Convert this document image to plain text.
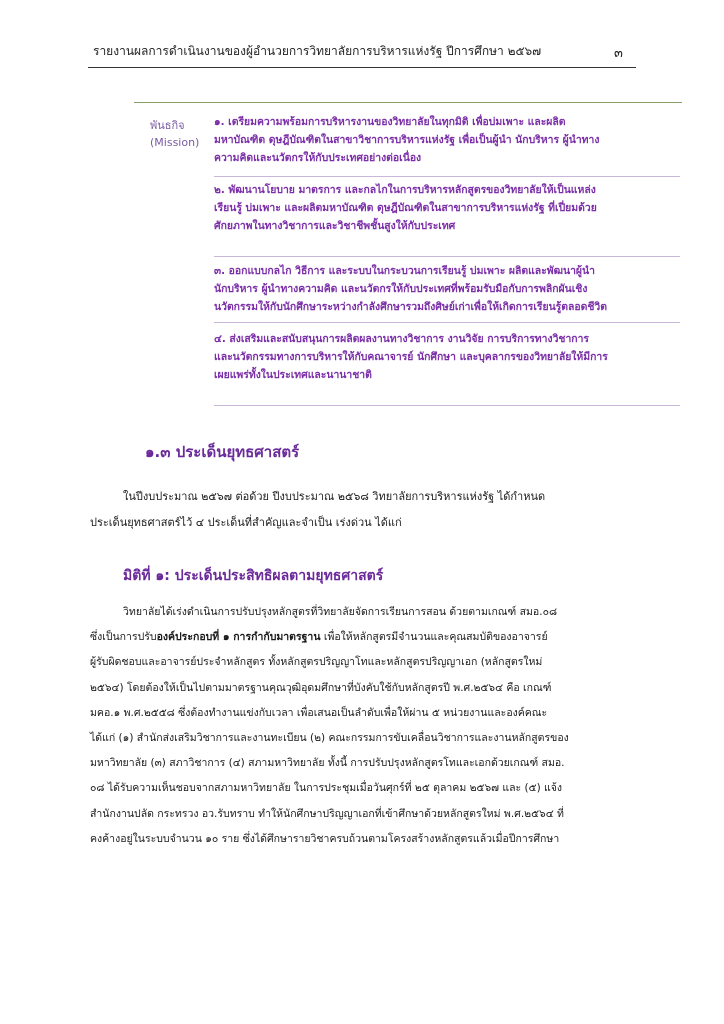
รายงานผลการดำเนินงานของผู้อำนวยการวิทยาลัยการบริหารแห่งรัฐ ปีการศึกษา ๒๕๖๗	๓
พันธกิจ
(Mission)

๑. เตรียมความพร้อมการบริหารงานของวิทยาลัยในทุกมิติ เพื่อบ่มเพาะ และผลิต

มหาบัณฑิต ดุษฎีบัณฑิตในสาขาวิชาการบริหารแห่งรัฐ เพื่อเป็นผู้นำ นักบริหาร ผู้นำทาง

ความคิดและนวัตกรให้กับประเทศอย่างต่อเนื่อง

๒. พัฒนานโยบาย มาตรการ และกลไกในการบริหารหลักสูตรของวิทยาลัยให้เป็นแหล่ง

เรียนรู้ บ่มเพาะ และผลิตมหาบัณฑิต ดุษฎีบัณฑิตในสาขาการบริหารแห่งรัฐ ที่เปี่ยมด้วย

ศักยภาพในทางวิชาการและวิชาชีพชั้นสูงให้กับประเทศ

๓. ออกแบบกลไก วิธีการ และระบบในกระบวนการเรียนรู้ บ่มเพาะ ผลิตและพัฒนาผู้นำ

นักบริหาร ผู้นำทางความคิด และนวัตกรให้กับประเทศที่พร้อมรับมือกับการพลิกผันเชิง

นวัตกรรมให้กับนักศึกษาระหว่างกำลังศึกษารวมถึงศิษย์เก่าเพื่อให้เกิดการเรียนรู้ตลอดชีวิต

๔. ส่งเสริมและสนับสนุนการผลิตผลงานทางวิชาการ งานวิจัย การบริการทางวิชาการ

และนวัตกรรมทางการบริหารให้กับคณาจารย์ นักศึกษา และบุคลากรของวิทยาลัยให้มีการ

เผยแพร่ทั้งในประเทศและนานาชาติ

๑.๓ ประเด็นยุทธศาสตร์
ในปีงบประมาณ ๒๕๖๗ ต่อด้วย ปีงบประมาณ ๒๕๖๘ วิทยาลัยการบริหารแห่งรัฐ ได้กำหนด
ประเด็นยุทธศาสตร์ไว้ ๔ ประเด็นที่สำคัญและจำเป็น เร่งด่วน ได้แก่
มิติที่ ๑: ประเด็นประสิทธิผลตามยุทธศาสตร์
วิทยาลัยได้เร่งดำเนินการปรับปรุงหลักสูตรที่วิทยาลัยจัดการเรียนการสอน ด้วยตามเกณฑ์ สมอ.๐๘
ซึ่งเป็นการปรับองค์ประกอบที่ ๑ การกำกับมาตรฐาน เพื่อให้หลักสูตรมีจำนวนและคุณสมบัติของอาจารย์
ผู้รับผิดชอบและอาจารย์ประจำหลักสูตร ทั้งหลักสูตรปริญญาโทและหลักสูตรปริญญาเอก (หลักสูตรใหม่
๒๕๖๔) โดยต้องให้เป็นไปตามมาตรฐานคุณวุฒิอุดมศึกษาที่บังคับใช้กับหลักสูตรปี พ.ศ.๒๕๖๔ คือ เกณฑ์
มคอ.๑ พ.ศ.๒๕๕๘ ซึ่งต้องทำงานแข่งกับเวลา เพื่อเสนอเป็นลำดับเพื่อให้ผ่าน ๕ หน่วยงานและองค์คณะ
ได้แก่ (๑) สำนักส่งเสริมวิชาการและงานทะเบียน (๒) คณะกรรมการขับเคลื่อนวิชาการและงานหลักสูตรของ
มหาวิทยาลัย (๓) สภาวิชาการ (๔) สภามหาวิทยาลัย ทั้งนี้ การปรับปรุงหลักสูตรโทและเอกด้วยเกณฑ์ สมอ.
๐๘ ได้รับความเห็นชอบจากสภามหาวิทยาลัย ในการประชุมเมื่อวันศุกร์ที่ ๒๕ ตุลาคม ๒๕๖๗ และ (๕) แจ้ง
สำนักงานปลัด กระทรวง อว.รับทราบ ทำให้นักศึกษาปริญญาเอกที่เข้าศึกษาด้วยหลักสูตรใหม่ พ.ศ.๒๕๖๔ ที่
คงค้างอยู่ในระบบจำนวน ๑๐ ราย ซึ่งได้ศึกษารายวิชาครบถ้วนตามโครงสร้างหลักสูตรแล้วเมื่อปีการศึกษา
